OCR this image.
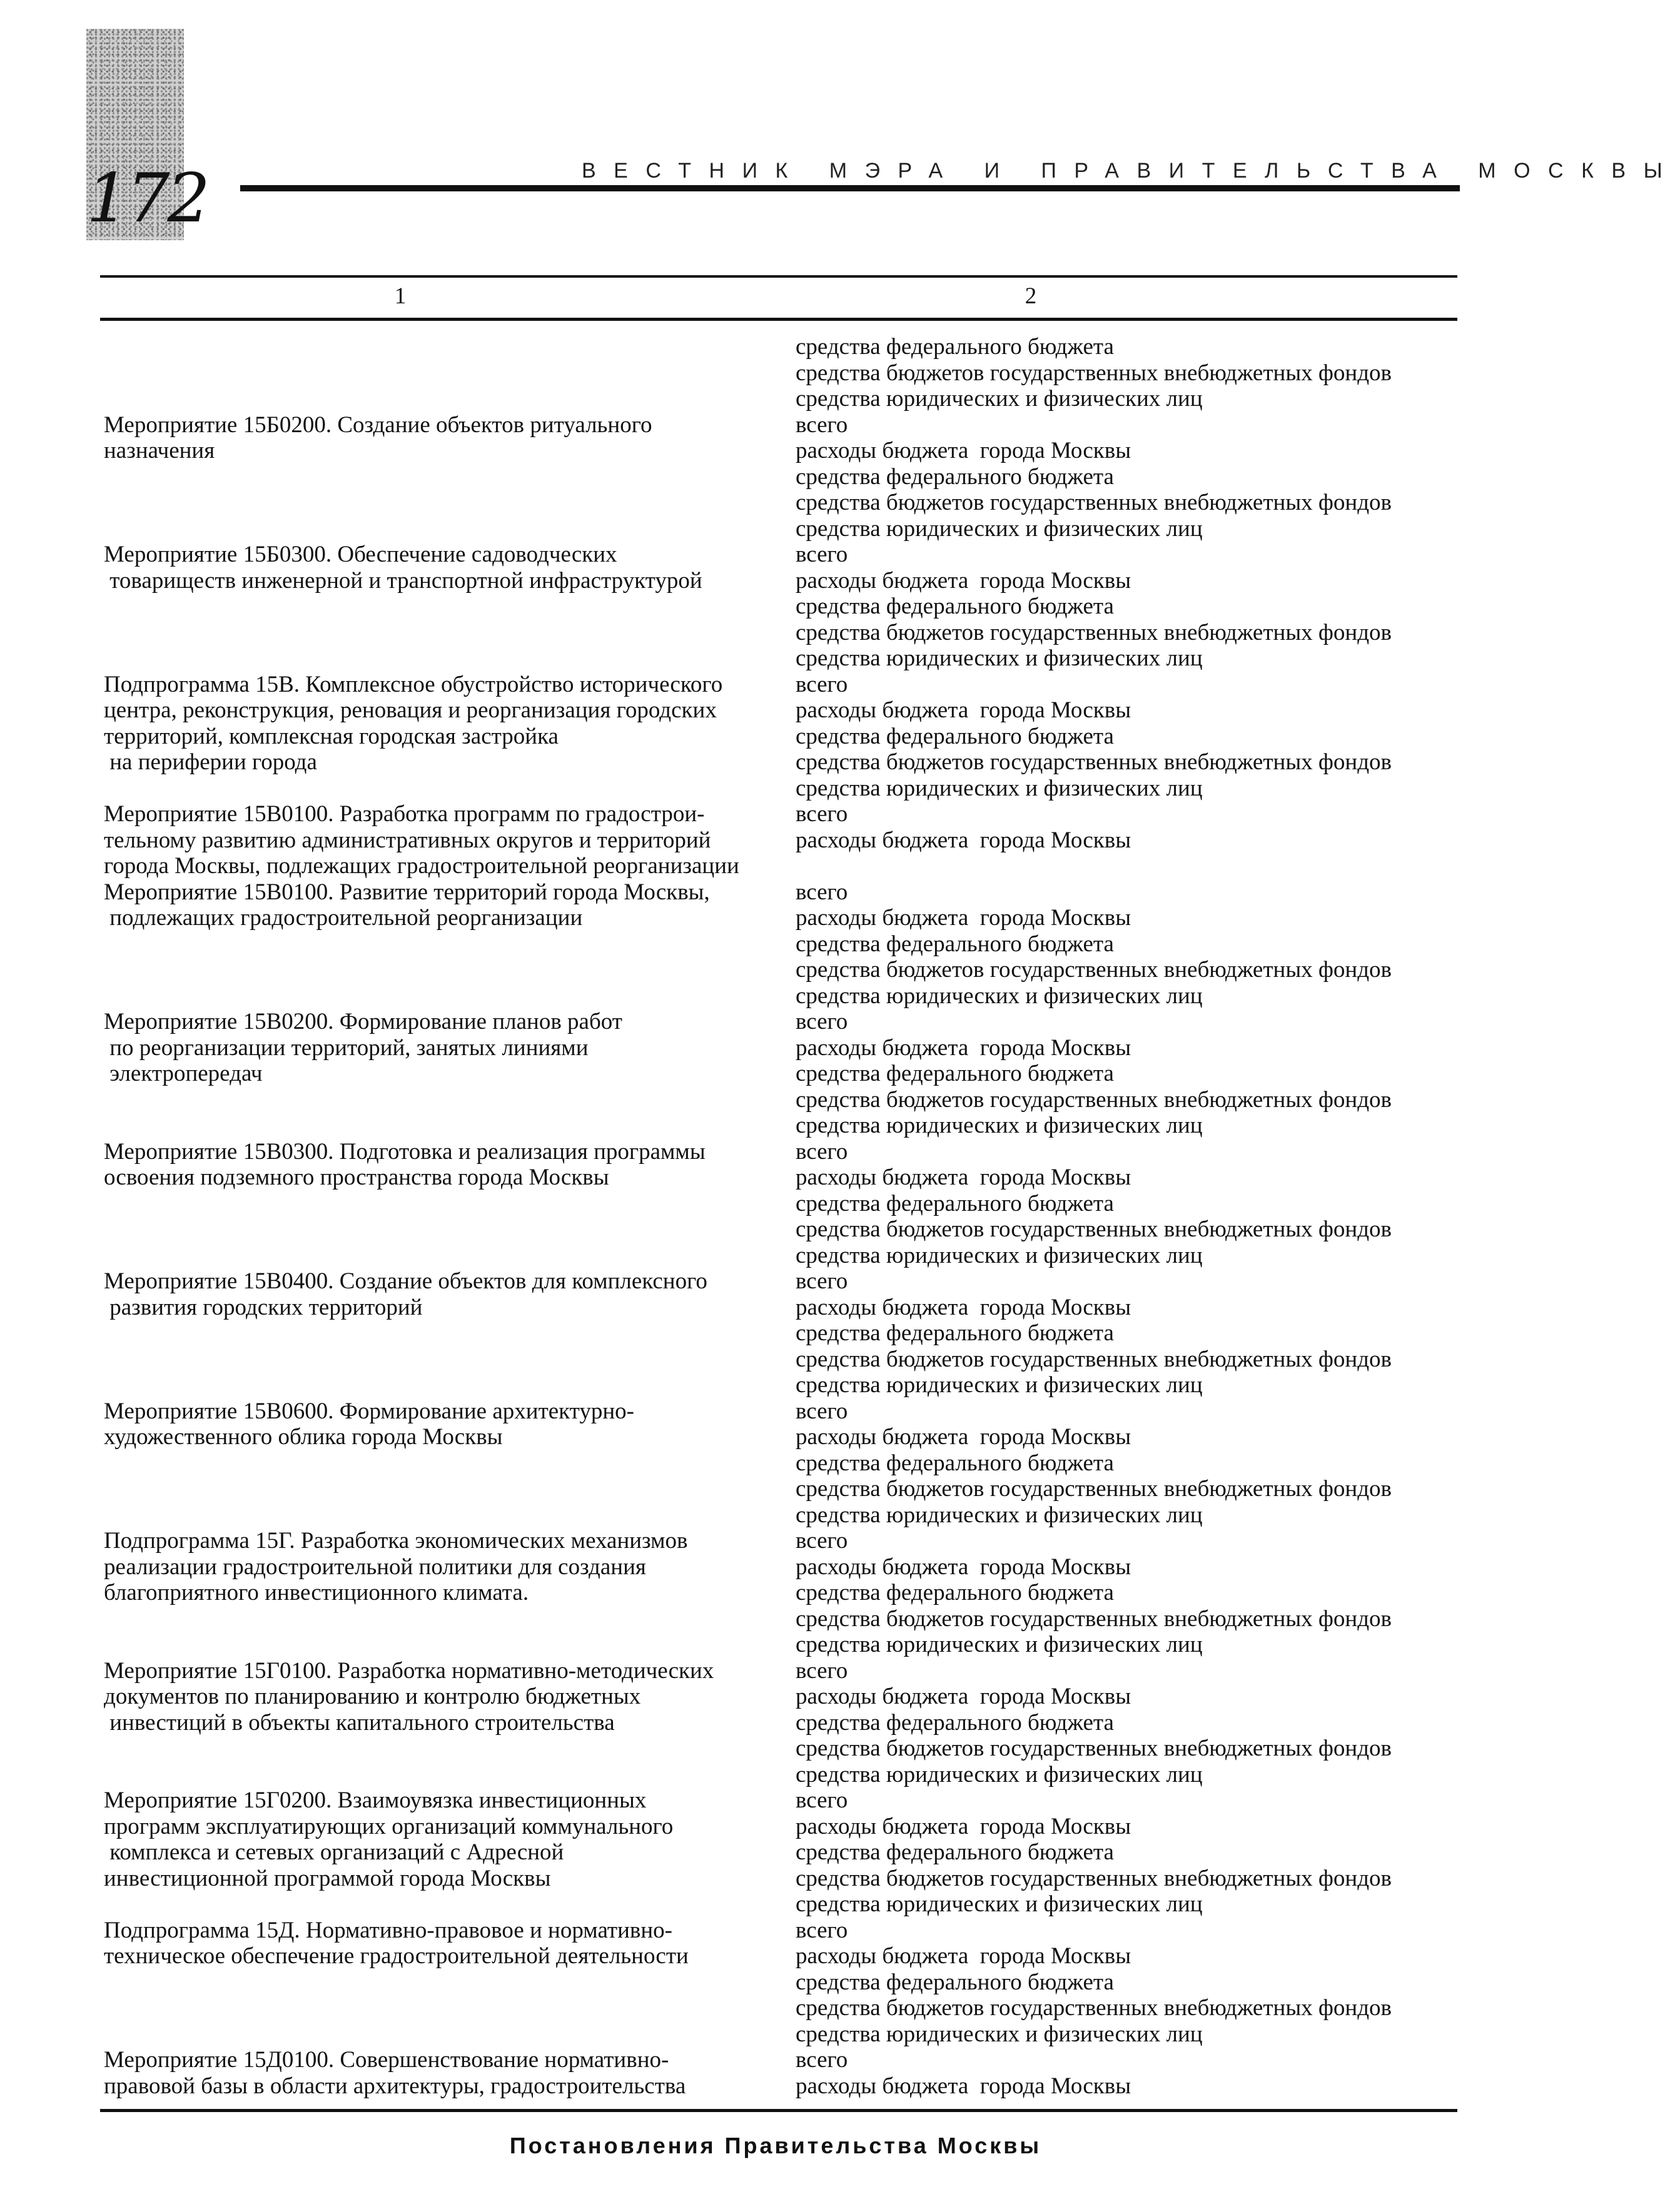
172	ВЕСТНИК МЭРА И ПРАВИТЕЛЬСТВА МОСКВЫ
1	2
Мероприятие 15Б0200. Создание объектов ритуального
назначения
Мероприятие 15Б0300. Обеспечение садоводческих
товариществ инженерной и транспортной инфраструктурой
Подпрограмма 15В. Комплексное обустройство исторического
центра, реконструкция, реновация и реорганизация городских
территорий, комплексная городская застройка
на периферии города
Мероприятие 15В0100. Разработка программ по градострои-
тельному развитию административных округов и территорий
города Москвы, подлежащих градостроительной реорганизации
Мероприятие 15В0100. Развитие территорий города Москвы,
подлежащих градостроительной реорганизации
Мероприятие 15В0200. Формирование планов работ
по реорганизации территорий, занятых линиями
электропередач
Мероприятие 15В0300. Подготовка и реализация программы
освоения подземного пространства города Москвы
Мероприятие 15В0400. Создание объектов для комплексного
развития городских территорий
Мероприятие 15В0600. Формирование архитектурно-
художественного облика города Москвы
Подпрограмма 15Г. Разработка экономических механизмов
реализации градостроительной политики для создания
благоприятного инвестиционного климата.
Мероприятие 15Г0100. Разработка нормативно-методических
документов по планированию и контролю бюджетных
инвестиций в объекты капитального строительства
Мероприятие 15Г0200. Взаимоувязка инвестиционных
программ эксплуатирующих организаций коммунального
комплекса и сетевых организаций с Адресной
инвестиционной программой города Москвы
Подпрограмма 15Д. Нормативно-правовое и нормативно-
техническое обеспечение градостроительной деятельности
Мероприятие 15Д0100. Совершенствование нормативно-
правовой базы в области архитектуры, градостроительства
средства федерального бюджета
средства бюджетов государственных внебюджетных фондов
средства юридических и физических лиц
всего
расходы бюджета  города Москвы
средства федерального бюджета
средства бюджетов государственных внебюджетных фондов
средства юридических и физических лиц
всего
расходы бюджета  города Москвы
средства федерального бюджета
средства бюджетов государственных внебюджетных фондов
средства юридических и физических лиц
всего
расходы бюджета  города Москвы
средства федерального бюджета
средства бюджетов государственных внебюджетных фондов
средства юридических и физических лиц
всего
расходы бюджета  города Москвы
всего
расходы бюджета  города Москвы
средства федерального бюджета
средства бюджетов государственных внебюджетных фондов
средства юридических и физических лиц
всего
расходы бюджета  города Москвы
средства федерального бюджета
средства бюджетов государственных внебюджетных фондов
средства юридических и физических лиц
всего
расходы бюджета  города Москвы
средства федерального бюджета
средства бюджетов государственных внебюджетных фондов
средства юридических и физических лиц
всего
расходы бюджета  города Москвы
средства федерального бюджета
средства бюджетов государственных внебюджетных фондов
средства юридических и физических лиц
всего
расходы бюджета  города Москвы
средства федерального бюджета
средства бюджетов государственных внебюджетных фондов
средства юридических и физических лиц
всего
расходы бюджета  города Москвы
средства федерального бюджета
средства бюджетов государственных внебюджетных фондов
средства юридических и физических лиц
всего
расходы бюджета  города Москвы
средства федерального бюджета
средства бюджетов государственных внебюджетных фондов
средства юридических и физических лиц
всего
расходы бюджета  города Москвы
средства федерального бюджета
средства бюджетов государственных внебюджетных фондов
средства юридических и физических лиц
всего
расходы бюджета  города Москвы
средства федерального бюджета
средства бюджетов государственных внебюджетных фондов
средства юридических и физических лиц
всего
расходы бюджета  города Москвы
Постановления Правительства Москвы
